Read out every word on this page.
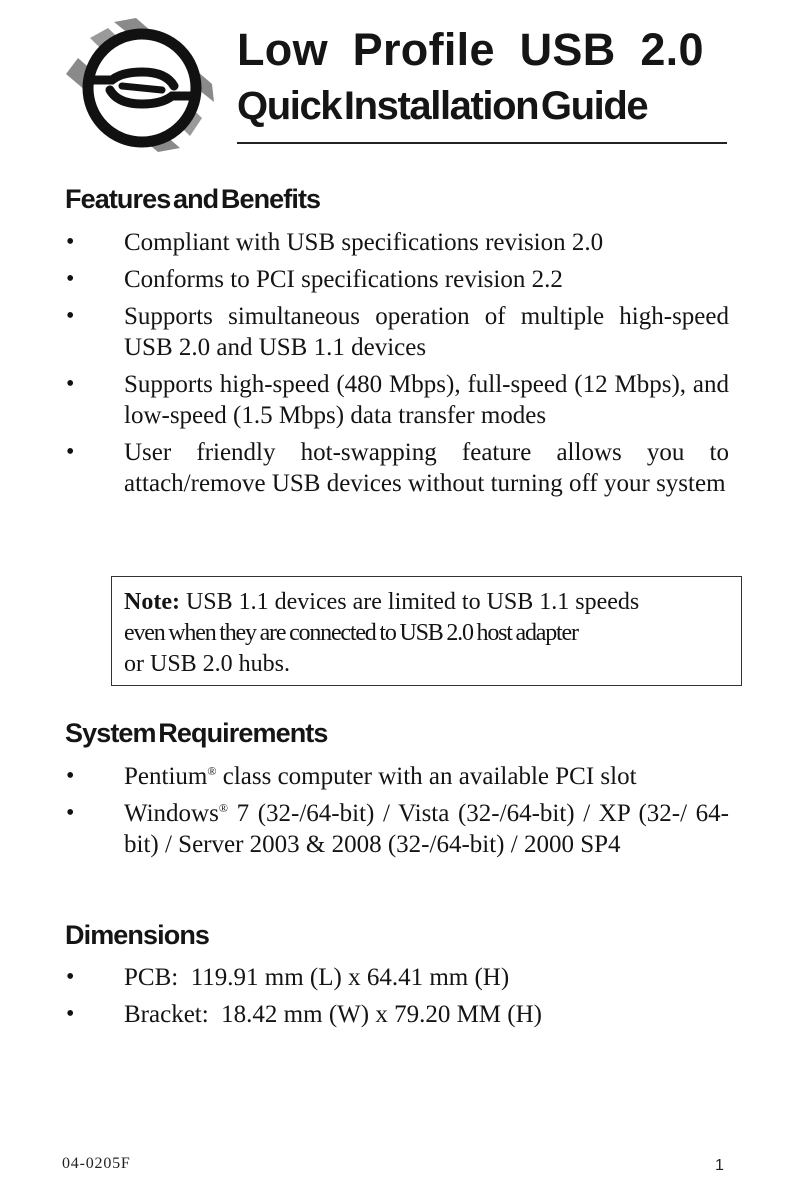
Low Profile USB 2.0
Quick Installation Guide
Features and Benefits
• Compliant with USB specifications revision 2.0
• Conforms to PCI specifications revision 2.2
• Supports simultaneous operation of multiple high-speed USB 2.0 and USB 1.1 devices
• Supports high-speed (480 Mbps), full-speed (12 Mbps), and low-speed (1.5 Mbps) data transfer modes
• User friendly hot-swapping feature allows you to attach/remove USB devices without turning off your system
Note: USB 1.1 devices are limited to USB 1.1 speeds
even when they are connected to USB 2.0 host adapter
or USB 2.0 hubs.
System Requirements
• Pentium® class computer with an available PCI slot
• Windows® 7 (32-/64-bit) / Vista (32-/64-bit) / XP (32-/ 64-bit) / Server 2003 & 2008 (32-/64-bit) / 2000 SP4
Dimensions
• PCB:  119.91 mm (L) x 64.41 mm (H)
• Bracket:  18.42 mm (W) x 79.20 MM (H)
04-0205F	1
